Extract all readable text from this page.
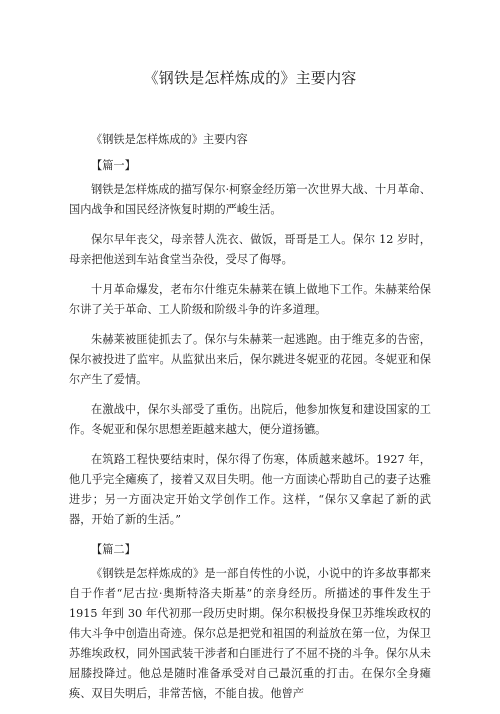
《钢铁是怎样炼成的》主要内容

《钢铁是怎样炼成的》主要内容

【篇一】

钢铁是怎样炼成的描写保尔·柯察金经历第一次世界大战、十月革命、国内战争和国民经济恢复时期的严峻生活。

保尔早年丧父，母亲替人洗衣、做饭，哥哥是工人。保尔 12 岁时，母亲把他送到车站食堂当杂役，受尽了侮辱。

十月革命爆发，老布尔什维克朱赫莱在镇上做地下工作。朱赫莱给保尔讲了关于革命、工人阶级和阶级斗争的许多道理。

朱赫莱被匪徒抓去了。保尔与朱赫莱一起逃跑。由于维克多的告密，保尔被投进了监牢。从监狱出来后，保尔跳进冬妮亚的花园。冬妮亚和保尔产生了爱情。

在激战中，保尔头部受了重伤。出院后，他参加恢复和建设国家的工作。冬妮亚和保尔思想差距越来越大，便分道扬镳。

在筑路工程快要结束时，保尔得了伤寒，体质越来越坏。1927 年，他几乎完全瘫痪了，接着又双目失明。他一方面读心帮助自己的妻子达雅进步；另一方面决定开始文学创作工作。这样，“保尔又拿起了新的武器，开始了新的生活。”

【篇二】

《钢铁是怎样炼成的》是一部自传性的小说，小说中的许多故事都来自于作者“尼古拉·奥斯特洛夫斯基”的亲身经历。所描述的事件发生于 1915 年到 30 年代初那一段历史时期。保尔积极投身保卫苏维埃政权的伟大斗争中创造出奇迹。保尔总是把党和祖国的利益放在第一位，为保卫苏维埃政权，同外国武装干涉者和白匪进行了不屈不挠的斗争。保尔从未屈膝投降过。他总是随时准备承受对自己最沉重的打击。在保尔全身瘫痪、双目失明后，非常苦恼，不能自拔。他曾产
